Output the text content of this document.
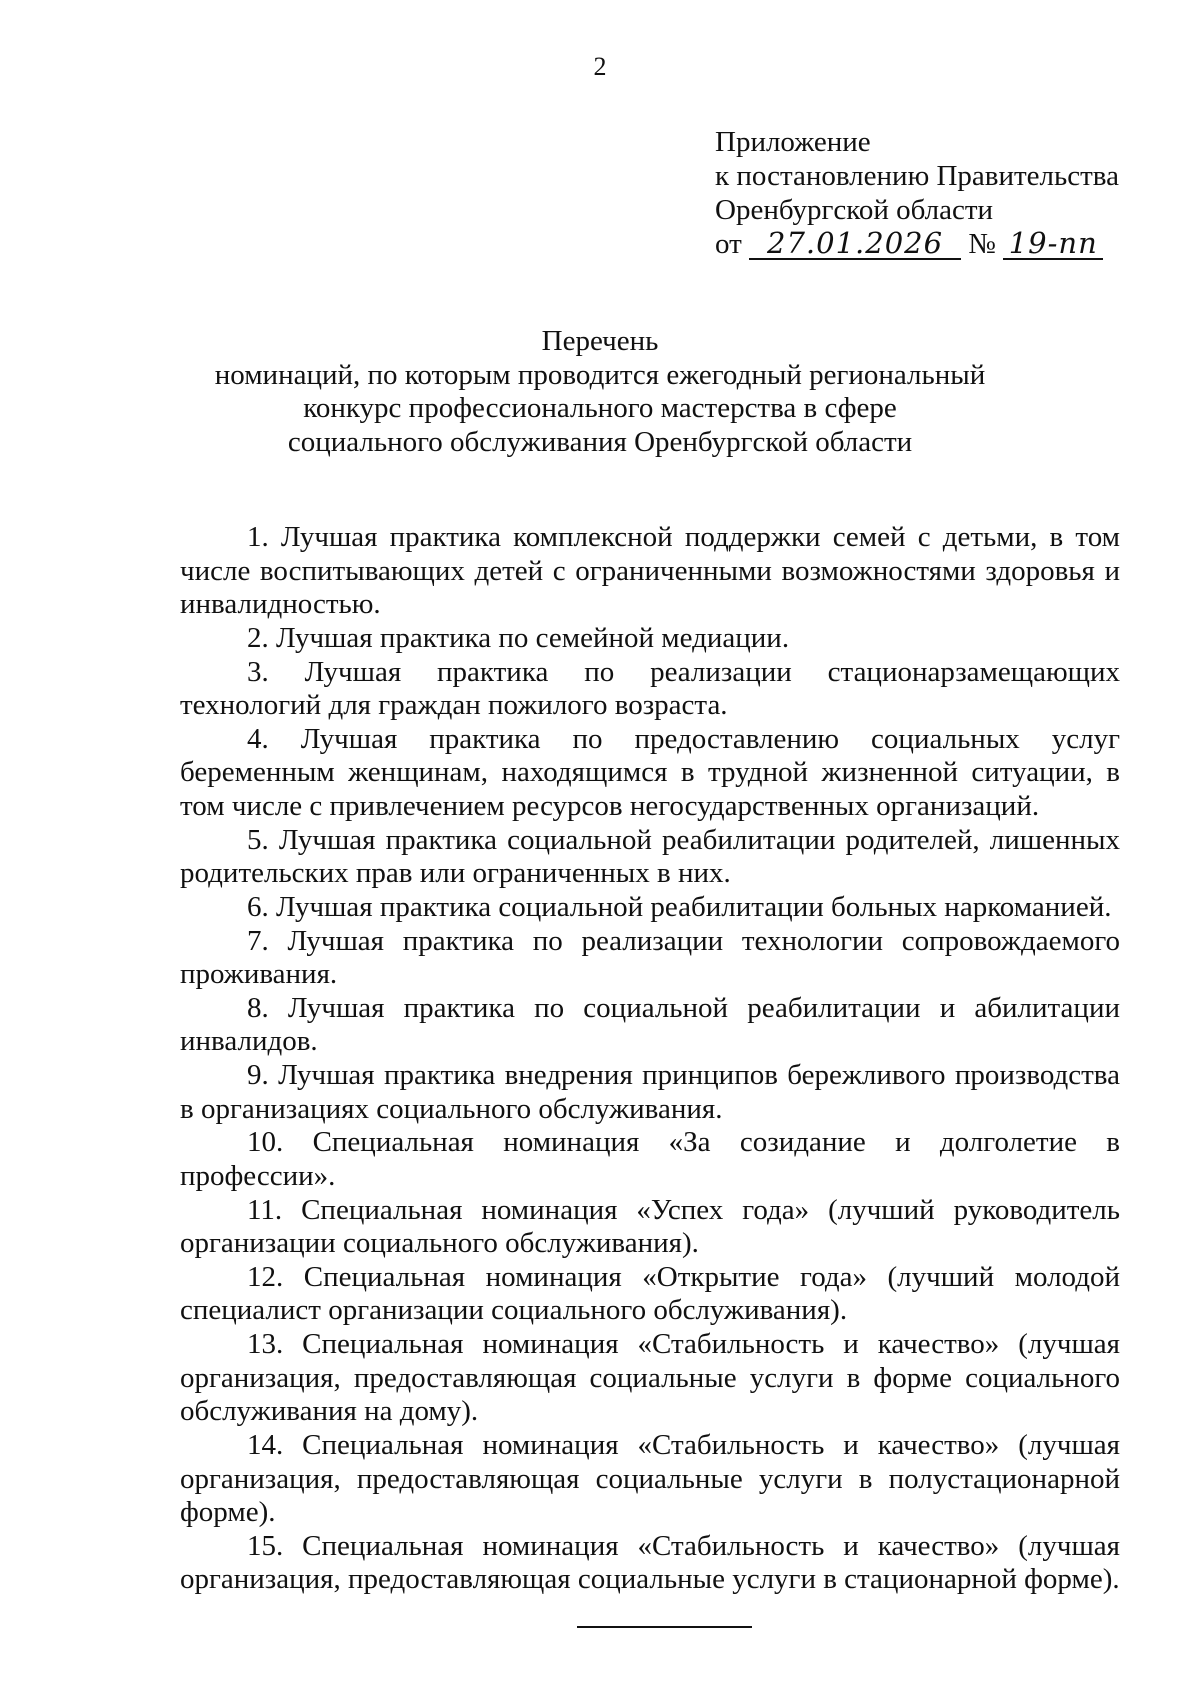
2
Приложение
к постановлению Правительства
Оренбургской области
от 27.01.2026 № 19-пп
Перечень
номинаций, по которым проводится ежегодный региональный
конкурс профессионального мастерства в сфере
социального обслуживания Оренбургской области

1. Лучшая практика комплексной поддержки семей с детьми, в том числе воспитывающих детей с ограниченными возможностями здоровья и инвалидностью.

2. Лучшая практика по семейной медиации.

3. Лучшая практика по реализации стационарзамещающих технологий для граждан пожилого возраста.

4. Лучшая практика по предоставлению социальных услуг беременным женщинам, находящимся в трудной жизненной ситуации, в том числе с привлечением ресурсов негосударственных организаций.

5. Лучшая практика социальной реабилитации родителей, лишенных родительских прав или ограниченных в них.

6. Лучшая практика социальной реабилитации больных наркоманией.

7. Лучшая практика по реализации технологии сопровождаемого проживания.

8. Лучшая практика по социальной реабилитации и абилитации инвалидов.

9. Лучшая практика внедрения принципов бережливого производства в организациях социального обслуживания.

10. Специальная номинация «За созидание и долголетие в профессии».

11. Специальная номинация «Успех года» (лучший руководитель организации социального обслуживания).

12. Специальная номинация «Открытие года» (лучший молодой специалист организации социального обслуживания).

13. Специальная номинация «Стабильность и качество» (лучшая организация, предоставляющая социальные услуги в форме социального обслуживания на дому).

14. Специальная номинация «Стабильность и качество» (лучшая организация, предоставляющая социальные услуги в полустационарной форме).

15. Специальная номинация «Стабильность и качество» (лучшая организация, предоставляющая социальные услуги в стационарной форме).
